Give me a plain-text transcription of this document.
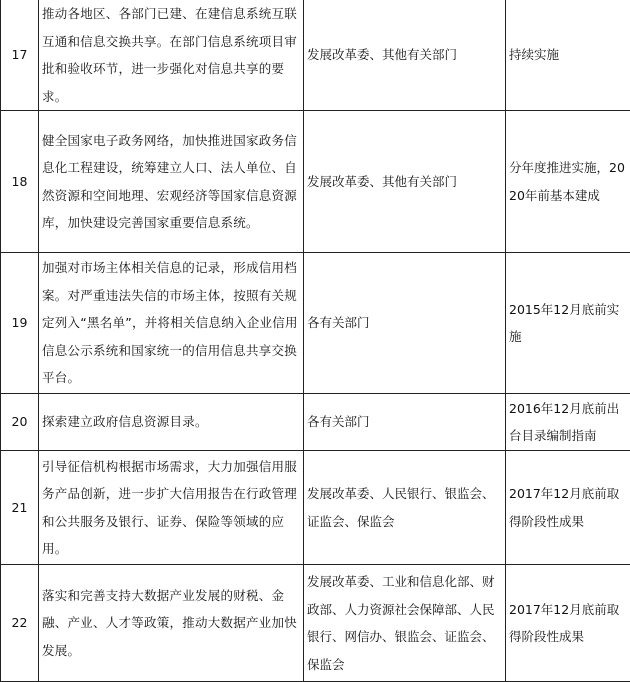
17	推动各地区、各部门已建、在建信息系统互联互通和信息交换共享。在部门信息系统项目审批和验收环节，进一步强化对信息共享的要求。	发展改革委、其他有关部门	持续实施
18	健全国家电子政务网络，加快推进国家政务信息化工程建设，统筹建立人口、法人单位、自然资源和空间地理、宏观经济等国家信息资源库，加快建设完善国家重要信息系统。	发展改革委、其他有关部门	分年度推进实施，2020年前基本建成
19	加强对市场主体相关信息的记录，形成信用档案。对严重违法失信的市场主体，按照有关规定列入“黑名单”，并将相关信息纳入企业信用信息公示系统和国家统一的信用信息共享交换平台。	各有关部门	2015年12月底前实施
20	探索建立政府信息资源目录。	各有关部门	2016年12月底前出台目录编制指南
21	引导征信机构根据市场需求，大力加强信用服务产品创新，进一步扩大信用报告在行政管理和公共服务及银行、证券、保险等领域的应用。	发展改革委、人民银行、银监会、证监会、保监会	2017年12月底前取得阶段性成果
22	落实和完善支持大数据产业发展的财税、金融、产业、人才等政策，推动大数据产业加快发展。	发展改革委、工业和信息化部、财政部、人力资源社会保障部、人民银行、网信办、银监会、证监会、保监会	2017年12月底前取得阶段性成果
